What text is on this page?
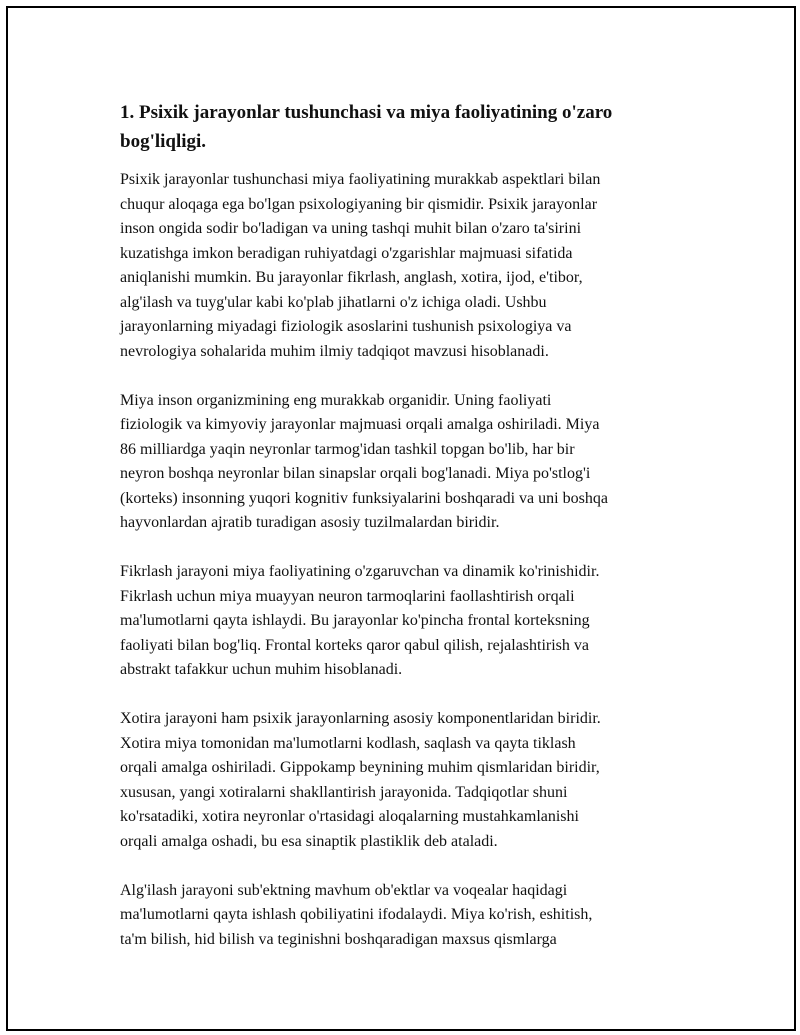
1. Psixik jarayonlar tushunchasi va miya faoliyatining o'zaro
bog'liqligi.

Psixik jarayonlar tushunchasi miya faoliyatining murakkab aspektlari bilan
chuqur aloqaga ega bo'lgan psixologiyaning bir qismidir. Psixik jarayonlar
inson ongida sodir bo'ladigan va uning tashqi muhit bilan o'zaro ta'sirini
kuzatishga imkon beradigan ruhiyatdagi o'zgarishlar majmuasi sifatida
aniqlanishi mumkin. Bu jarayonlar fikrlash, anglash, xotira, ijod, e'tibor,
alg'ilash va tuyg'ular kabi ko'plab jihatlarni o'z ichiga oladi. Ushbu
jarayonlarning miyadagi fiziologik asoslarini tushunish psixologiya va
nevrologiya sohalarida muhim ilmiy tadqiqot mavzusi hisoblanadi.

Miya inson organizmining eng murakkab organidir. Uning faoliyati
fiziologik va kimyoviy jarayonlar majmuasi orqali amalga oshiriladi. Miya
86 milliardga yaqin neyronlar tarmog'idan tashkil topgan bo'lib, har bir
neyron boshqa neyronlar bilan sinapslar orqali bog'lanadi. Miya po'stlog'i
(korteks) insonning yuqori kognitiv funksiyalarini boshqaradi va uni boshqa
hayvonlardan ajratib turadigan asosiy tuzilmalardan biridir.

Fikrlash jarayoni miya faoliyatining o'zgaruvchan va dinamik ko'rinishidir.
Fikrlash uchun miya muayyan neuron tarmoqlarini faollashtirish orqali
ma'lumotlarni qayta ishlaydi. Bu jarayonlar ko'pincha frontal korteksning
faoliyati bilan bog'liq. Frontal korteks qaror qabul qilish, rejalashtirish va
abstrakt tafakkur uchun muhim hisoblanadi.

Xotira jarayoni ham psixik jarayonlarning asosiy komponentlaridan biridir.
Xotira miya tomonidan ma'lumotlarni kodlash, saqlash va qayta tiklash
orqali amalga oshiriladi. Gippokamp beynining muhim qismlaridan biridir,
xususan, yangi xotiralarni shakllantirish jarayonida. Tadqiqotlar shuni
ko'rsatadiki, xotira neyronlar o'rtasidagi aloqalarning mustahkamlanishi
orqali amalga oshadi, bu esa sinaptik plastiklik deb ataladi.

Alg'ilash jarayoni sub'ektning mavhum ob'ektlar va voqealar haqidagi
ma'lumotlarni qayta ishlash qobiliyatini ifodalaydi. Miya ko'rish, eshitish,
ta'm bilish, hid bilish va teginishni boshqaradigan maxsus qismlarga
